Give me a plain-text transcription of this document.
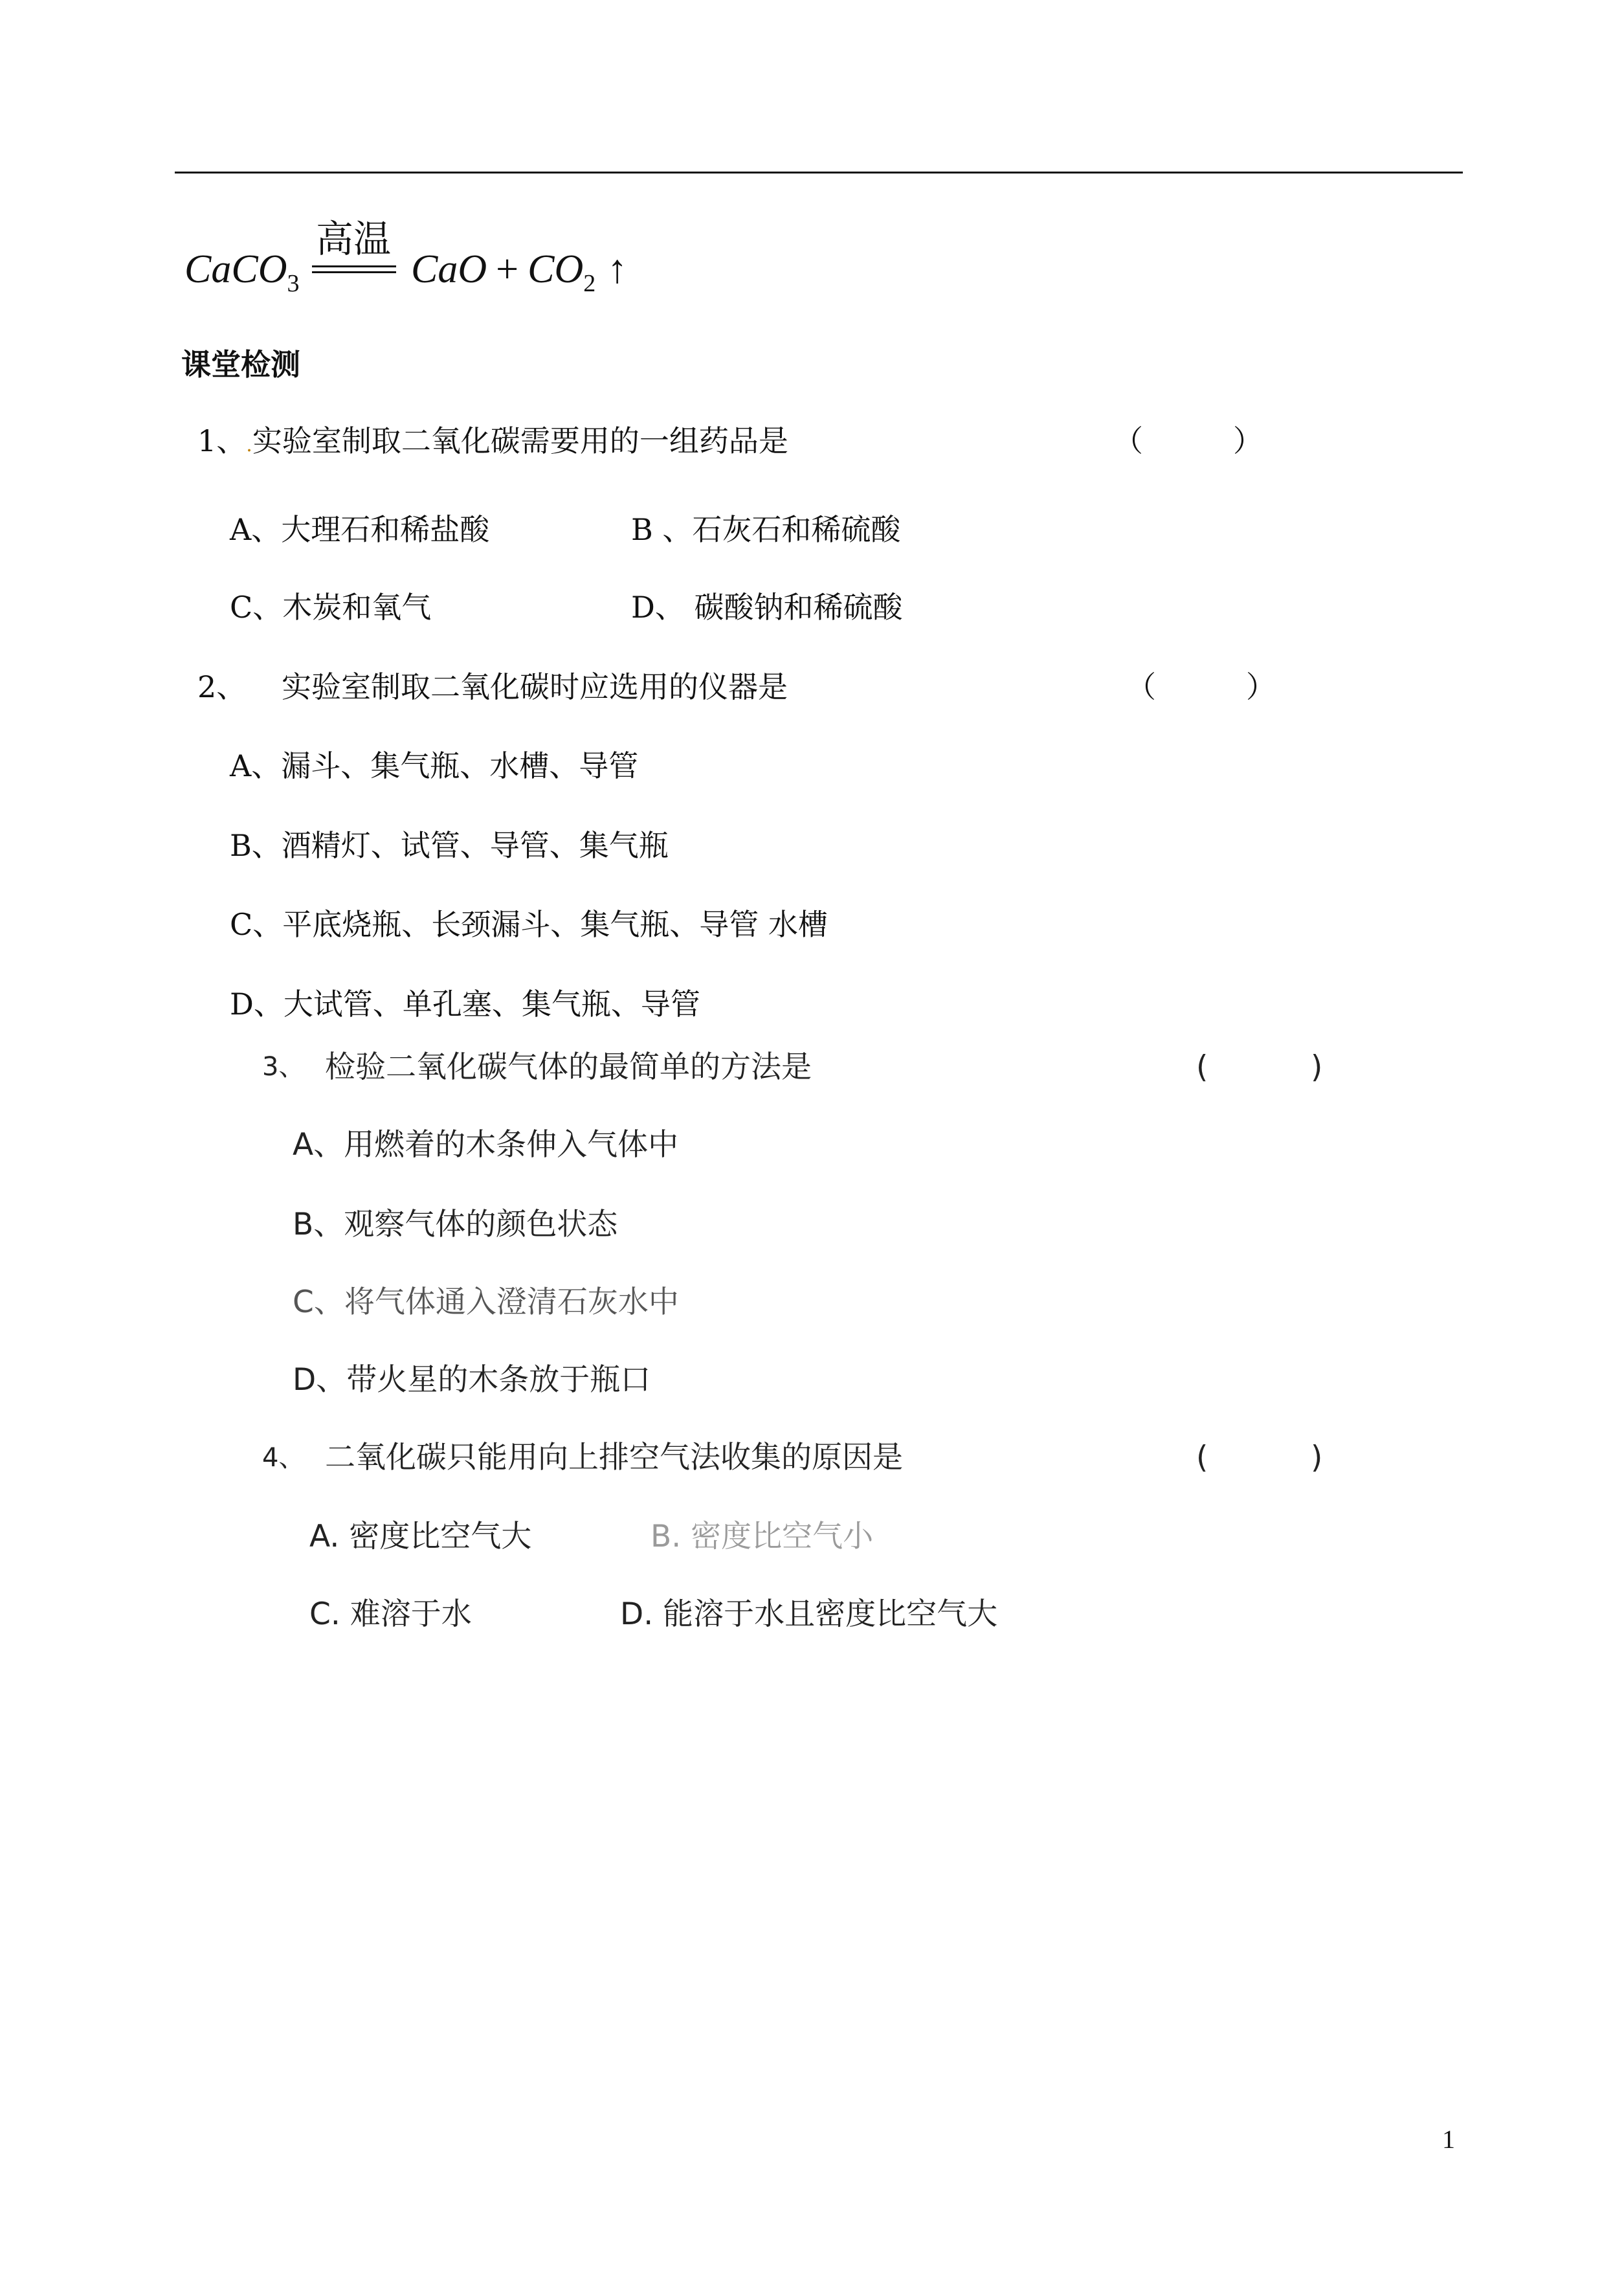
高温
CaCO$_3$	CaO + $CO_2$ ↑
课堂检测
1、.实验室制取二氧化碳需要用的一组药品是	（	）
A、大理石和稀盐酸	B 、石灰石和稀硫酸
C、木炭和氧气	D、 碳酸钠和稀硫酸
2、 实验室制取二氧化碳时应选用的仪器是	（	）
A、漏斗、集气瓶、水槽、导管
B、酒精灯、试管、导管、集气瓶
C、平底烧瓶、长颈漏斗、集气瓶、导管 水槽
D、大试管、单孔塞、集气瓶、导管
3、 检验二氧化碳气体的最简单的方法是	(	)
A、用燃着的木条伸入气体中
B、观察气体的颜色状态
C、将气体通入澄清石灰水中
D、带火星的木条放于瓶口
4、 二氧化碳只能用向上排空气法收集的原因是	(	)
A. 密度比空气大	B. 密度比空气小
C. 难溶于水	D. 能溶于水且密度比空气大
1
